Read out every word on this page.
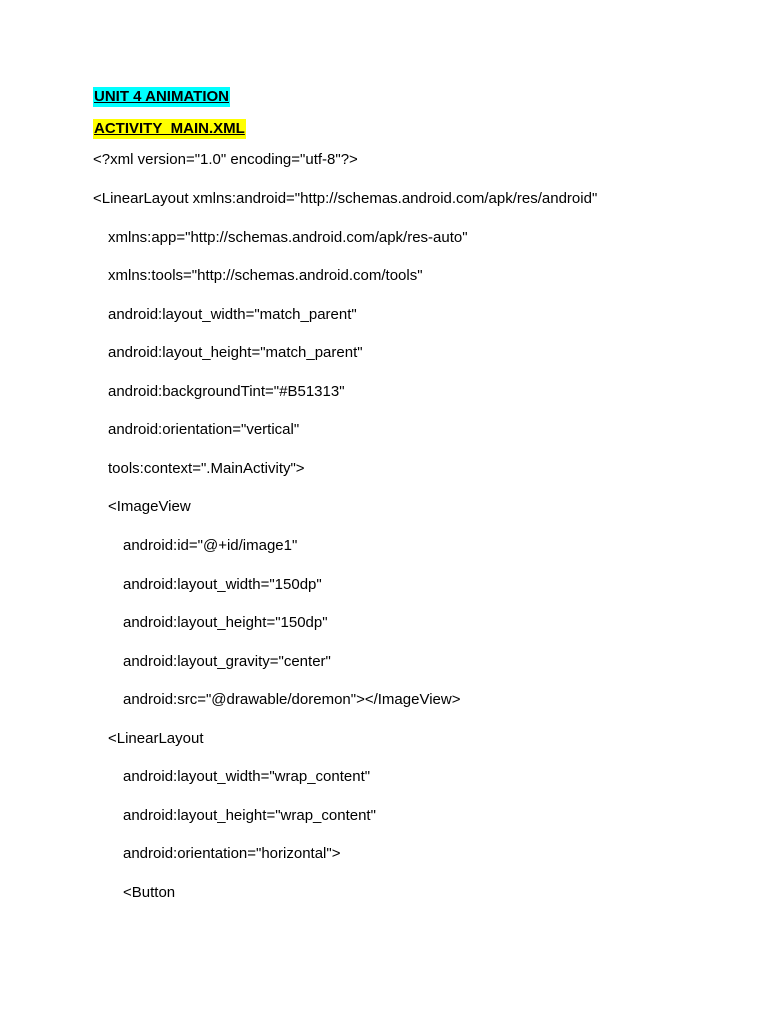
UNIT 4 ANIMATION
ACTIVITY_MAIN.XML
<?xml version="1.0" encoding="utf-8"?>
<LinearLayout xmlns:android="http://schemas.android.com/apk/res/android"
xmlns:app="http://schemas.android.com/apk/res-auto"
xmlns:tools="http://schemas.android.com/tools"
android:layout_width="match_parent"
android:layout_height="match_parent"
android:backgroundTint="#B51313"
android:orientation="vertical"
tools:context=".MainActivity">
<ImageView
android:id="@+id/image1"
android:layout_width="150dp"
android:layout_height="150dp"
android:layout_gravity="center"
android:src="@drawable/doremon"></ImageView>
<LinearLayout
android:layout_width="wrap_content"
android:layout_height="wrap_content"
android:orientation="horizontal">
<Button
